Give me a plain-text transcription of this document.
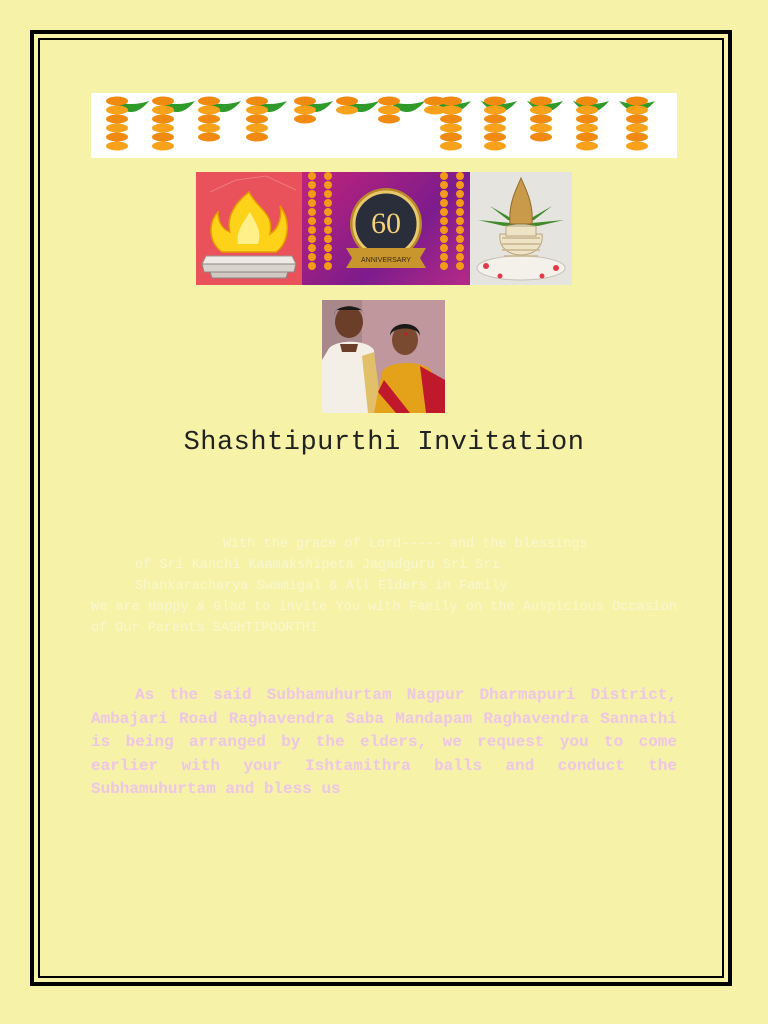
60
ANNIVERSARY
Shashtipurthi Invitation

With the grace of Lord----- and the blessings

of Sri Kanchi Kaamakshipeta Jagadguru Sri Sri

Shankaracharya Swamigal & All Elders in Family

We are Happy & Glad to invite You with Family on the Auspicious Occasion of Our Parents SASHTIPOORTHI

As the said Subhamuhurtam Nagpur Dharmapuri District, Ambajari Road Raghavendra Saba Mandapam Raghavendra Sannathi is being arranged by the elders, we request you to come earlier with your Ishtamithra balls and conduct the Subhamuhurtam and bless us
